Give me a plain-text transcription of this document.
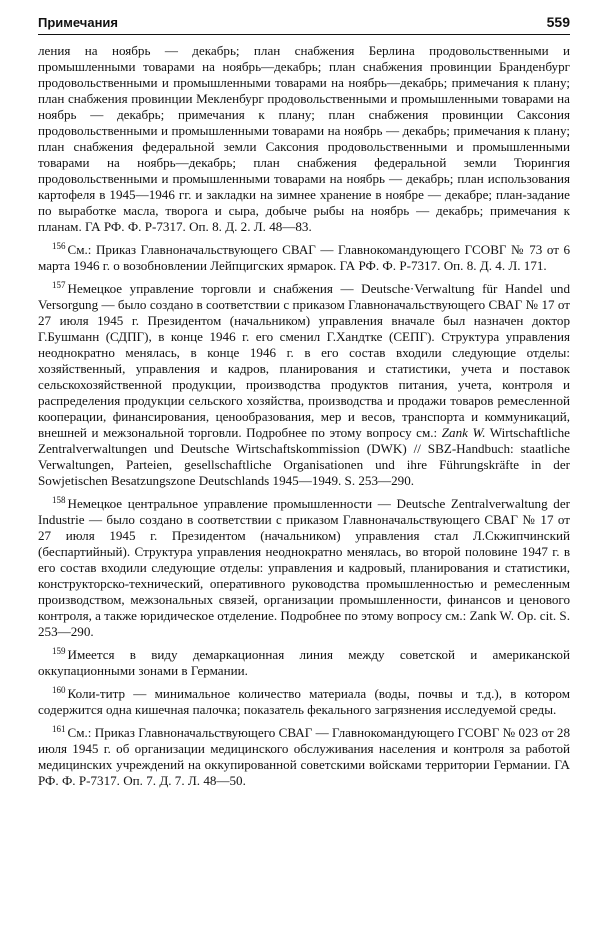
Примечания	559

ления на ноябрь — декабрь; план снабжения Берлина продовольственными и промышленными товарами на ноябрь—декабрь; план снабжения провинции Бранденбург продовольственными и промышленными товарами на ноябрь—декабрь; примечания к плану; план снабжения провинции Мекленбург продовольственными и промышленными товарами на ноябрь — декабрь; примечания к плану; план снабжения провинции Саксония продовольственными и промышленными товарами на ноябрь — декабрь; примечания к плану; план снабжения федеральной земли Саксония продовольственными и промышленными товарами на ноябрь—декабрь; план снабжения федеральной земли Тюрингия продовольственными и промышленными товарами на ноябрь — декабрь; план использования картофеля в 1945—1946 гг. и закладки на зимнее хранение в ноябре — декабре; план-задание по выработке масла, творога и сыра, добыче рыбы на ноябрь — декабрь; примечания к планам. ГА РФ. Ф. Р-7317. Оп. 8. Д. 2. Л. 48—83.

$^{156}$ См.: Приказ Главноначальствующего СВАГ — Главнокомандующего ГСОВГ № 73 от 6 марта 1946 г. о возобновлении Лейпцигских ярмарок. ГА РФ. Ф. Р-7317. Оп. 8. Д. 4. Л. 171.

$^{157}$ Немецкое управление торговли и снабжения — Deutsche·Verwaltung für Handel und Versorgung — было создано в соответствии с приказом Главноначальствующего СВАГ № 17 от 27 июля 1945 г. Президентом (начальником) управления вначале был назначен доктор Г.Бушманн (СДПГ), в конце 1946 г. его сменил Г.Хандтке (СЕПГ). Структура управления неоднократно менялась, в конце 1946 г. в его состав входили следующие отделы: хозяйственный, управления и кадров, планирования и статистики, учета и поставок сельскохозяйственной продукции, производства продуктов питания, учета, контроля и распределения продукции сельского хозяйства, производства и продажи товаров ремесленной кооперации, финансирования, ценообразования, мер и весов, транспорта и коммуникаций, внешней и межзональной торговли. Подробнее по этому вопросу см.: Zank W. Wirtschaftliche Zentralverwaltungen und Deutsche Wirtschaftskommission (DWK) // SBZ-Handbuch: staatliche Verwaltungen, Parteien, gesellschaftliche Organisationen und ihre Führungskräfte in der Sowjetischen Besatzungszone Deutschlands 1945—1949. S. 253—290.

$^{158}$ Немецкое центральное управление промышленности — Deutsche Zentralverwaltung der Industrie — было создано в соответствии с приказом Главноначальствующего СВАГ № 17 от 27 июля 1945 г. Президентом (начальником) управления стал Л.Скжипчинский (беспартийный). Структура управления неоднократно менялась, во второй половине 1947 г. в его состав входили следующие отделы: управления и кадровый, планирования и статистики, конструкторско-технический, оперативного руководства промышленностью и ремесленным производством, межзональных связей, организации промышленности, финансов и ценового контроля, а также юридическое отделение. Подробнее по этому вопросу см.: Zank W. Op. cit. S. 253—290.

$^{159}$ Имеется в виду демаркационная линия между советской и американской оккупационными зонами в Германии.

$^{160}$ Коли-титр — минимальное количество материала (воды, почвы и т.д.), в котором содержится одна кишечная палочка; показатель фекального загрязнения исследуемой среды.

$^{161}$ См.: Приказ Главноначальствующего СВАГ — Главнокомандующего ГСОВГ № 023 от 28 июля 1945 г. об организации медицинского обслуживания населения и контроля за работой медицинских учреждений на оккупированной советскими войсками территории Германии. ГА РФ. Ф. Р-7317. Оп. 7. Д. 7. Л. 48—50.
